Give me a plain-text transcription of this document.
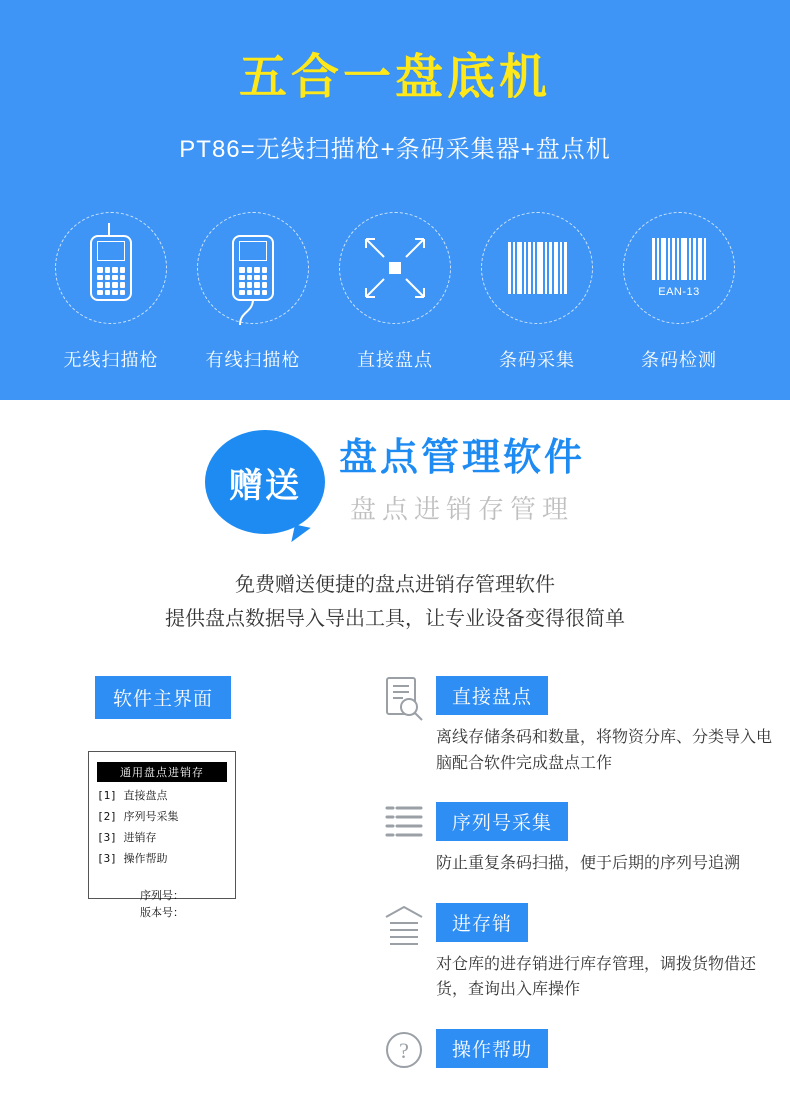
五合一盘底机
PT86=无线扫描枪+条码采集器+盘点机
无线扫描枪	有线扫描枪	直接盘点	条码采集
EAN-13
条码检测
赠送
盘点管理软件
盘点进销存管理
免费赠送便捷的盘点进销存管理软件
提供盘点数据导入导出工具，让专业设备变得很简单
软件主界面
通用盘点进销存
[1] 直接盘点
[2] 序列号采集
[3] 进销存
[3] 操作帮助
序列号：
版本号：
直接盘点
离线存储条码和数量，将物资分库、分类导入电脑配合软件完成盘点工作
序列号采集
防止重复条码扫描，便于后期的序列号追溯
进存销
对仓库的进存销进行库存管理，调拨货物借还货，查询出入库操作
?	操作帮助
